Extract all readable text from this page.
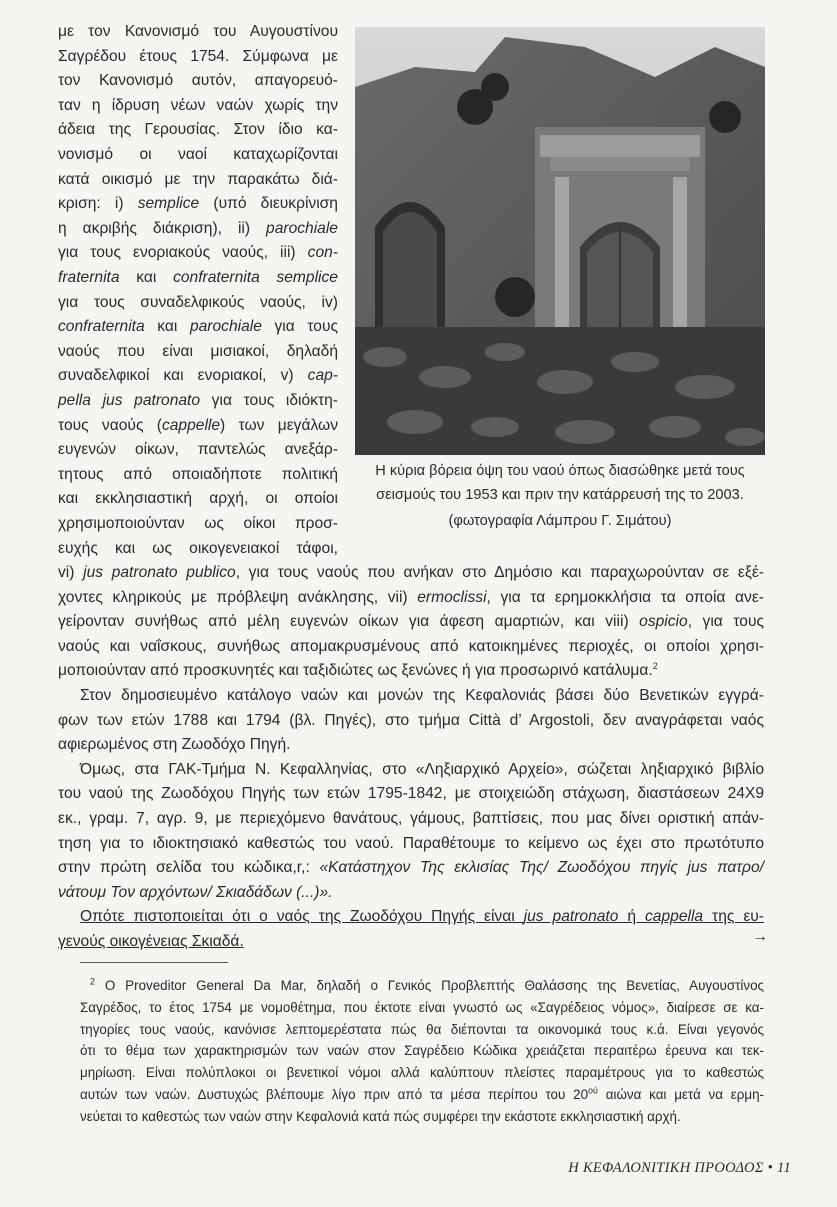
με τον Κανονισμό του Αυγουστίνου
Σαγρέδου έτους 1754. Σύμφωνα με
τον Κανονισμό αυτόν, απαγορευό-
ταν η ίδρυση νέων ναών χωρίς την
άδεια της Γερουσίας. Στον ίδιο κα-
νονισμό οι ναοί καταχωρίζονται
κατά οικισμό με την παρακάτω διά-
κριση: i) semplice (υπό διευκρίνιση
η ακριβής διάκριση), ii) parochiale
για τους ενοριακούς ναούς, iii) con-
fraternita και confraternita semplice
για τους συναδελφικούς ναούς, iv)
confraternita και parochiale για τους
ναούς που είναι μισιακοί, δηλαδή
συναδελφικοί και ενοριακοί, v) cap-
pella jus patronato για τους ιδιόκτη-
τους ναούς (cappelle) των μεγάλων
ευγενών οίκων, παντελώς ανεξάρ-
τητους από οποιαδήποτε πολιτική
και εκκλησιαστική αρχή, οι οποίοι
χρησιμοποιούνταν ως οίκοι προσ-
ευχής και ως οικογενειακοί τάφοι,
Η κύρια βόρεια όψη του ναού όπως διασώθηκε μετά τους
σεισμούς του 1953 και πριν την κατάρρευσή της το 2003.
(φωτογραφία Λάμπρου Γ. Σιμάτου)
vi) jus patronato publico, για τους ναούς που ανήκαν στο Δημόσιο και παραχωρούνταν σε εξέ-
χοντες κληρικούς με πρόβλεψη ανάκλησης, vii) ermoclissi, για τα ερημοκκλήσια τα οποία ανε-
γείρονταν συνήθως από μέλη ευγενών οίκων για άφεση αμαρτιών, και viii) ospicio, για τους
ναούς και ναΐσκους, συνήθως απομακρυσμένους από κατοικημένες περιοχές, οι οποίοι χρησι-
μοποιούνταν από προσκυνητές και ταξιδιώτες ως ξενώνες ή για προσωρινό κατάλυμα.$^2$
Στον δημοσιευμένο κατάλογο ναών και μονών της Κεφαλονιάς βάσει δύο Βενετικών εγγρά-
φων των ετών 1788 και 1794 (βλ. Πηγές), στο τμήμα Città d’ Argostoli, δεν αναγράφεται ναός
αφιερωμένος στη Ζωοδόχο Πηγή.
Όμως, στα ΓΑΚ-Τμήμα Ν. Κεφαλληνίας, στο «Ληξιαρχικό Αρχείο», σώζεται ληξιαρχικό βιβλίο
του ναού της Ζωοδόχου Πηγής των ετών 1795-1842, με στοιχειώδη στάχωση, διαστάσεων 24Χ9
εκ., γραμ. 7, αγρ. 9, με περιεχόμενο θανάτους, γάμους, βαπτίσεις, που μας δίνει οριστική απάν-
τηση για το ιδιοκτησιακό καθεστώς του ναού. Παραθέτουμε το κείμενο ως έχει στο πρωτότυπο
στην πρώτη σελίδα του κώδικα,r,: «Κατάστηχον Της εκλισίας Της/ Ζωοδόχου πηγίς jus πατρο/
νάτουμ Τον αρχόντων/ Σκιαδάδων (...)».
Οπότε πιστοποιείται ότι ο ναός της Ζωοδόχου Πηγής είναι jus patronato ή cappella της ευ-
γενούς οικογένειας Σκιαδά.	→
$^2$ Ο Proveditor General Da Mar, δηλαδή ο Γενικός Προβλεπτής Θαλάσσης της Βενετίας, Αυγουστίνος
Σαγρέδος, το έτος 1754 με νομοθέτημα, που έκτοτε είναι γνωστό ως «Σαγρέδειος νόμος», διαίρεσε σε κα-
τηγορίες τους ναούς, κανόνισε λεπτομερέστατα πώς θα διέπονται τα οικονομικά τους κ.ά. Είναι γεγονός
ότι το θέμα των χαρακτηρισμών των ναών στον Σαγρέδειο Κώδικα χρειάζεται περαιτέρω έρευνα και τεκ-
μηρίωση. Είναι πολύπλοκοι οι βενετικοί νόμοι αλλά καλύπτουν πλείστες παραμέτρους για το καθεστώς
αυτών των ναών. Δυστυχώς βλέπουμε λίγο πριν από τα μέσα περίπου του $20^{oύ}$ αιώνα και μετά να ερμη-
νεύεται το καθεστώς των ναών στην Κεφαλονιά κατά πώς συμφέρει την εκάστοτε εκκλησιαστική αρχή.
Η ΚΕΦΑΛΟΝΙΤΙΚΗ ΠΡΟΟΔΟΣ • 11
